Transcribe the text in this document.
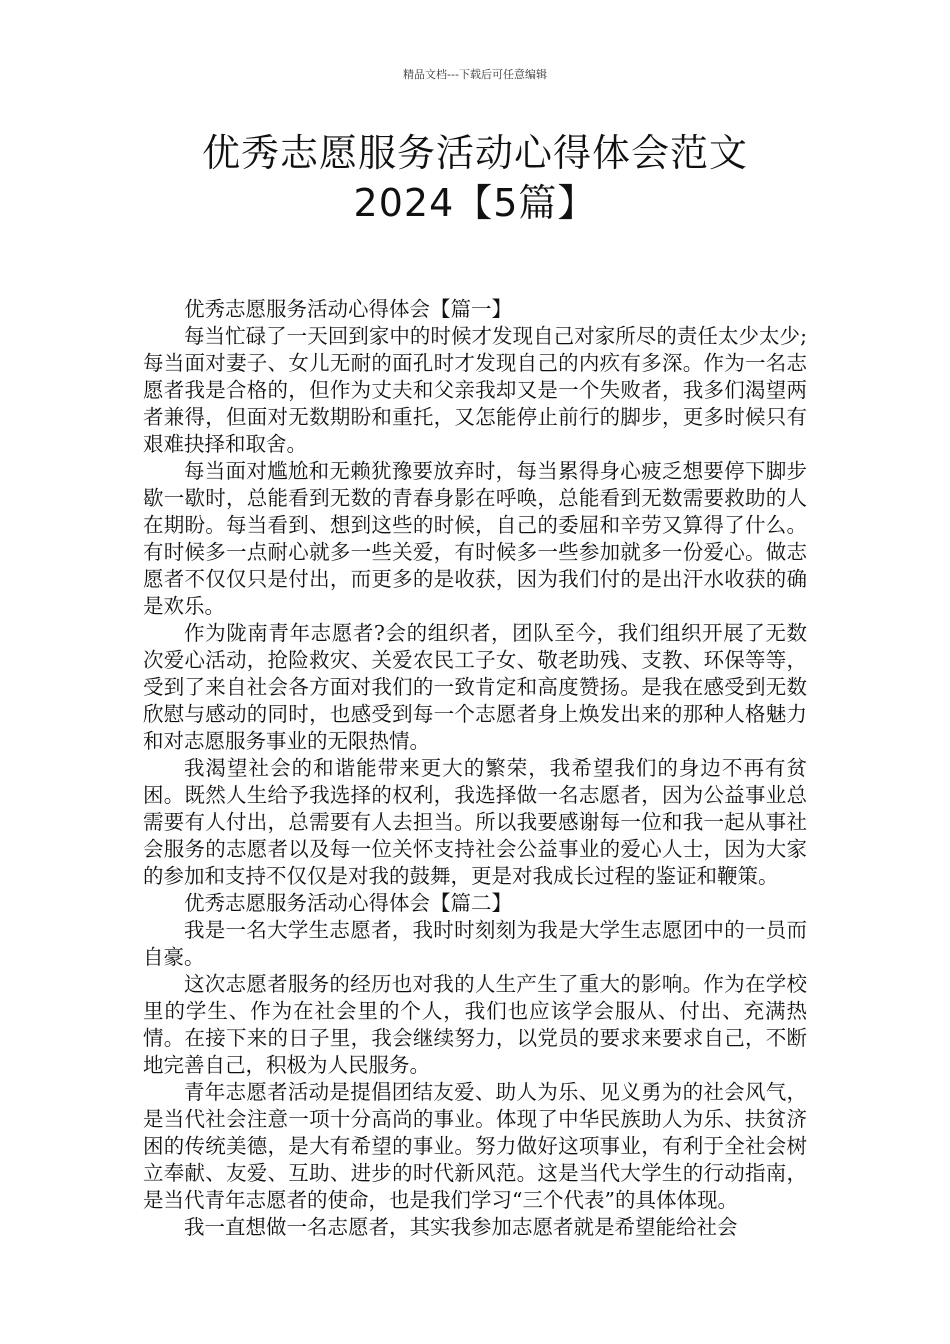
精品文档---下载后可任意编辑
优秀志愿服务活动心得体会范文
2024【5篇】

优秀志愿服务活动心得体会【篇一】

每当忙碌了一天回到家中的时候才发现自己对家所尽的责任太少太少;每当面对妻子、女儿无耐的面孔时才发现自己的内疚有多深。作为一名志愿者我是合格的，但作为丈夫和父亲我却又是一个失败者，我多们渴望两者兼得，但面对无数期盼和重托，又怎能停止前行的脚步，更多时候只有艰难抉择和取舍。

每当面对尴尬和无赖犹豫要放弃时，每当累得身心疲乏想要停下脚步歇一歇时，总能看到无数的青春身影在呼唤，总能看到无数需要救助的人在期盼。每当看到、想到这些的时候，自己的委屈和辛劳又算得了什么。有时候多一点耐心就多一些关爱，有时候多一些参加就多一份爱心。做志愿者不仅仅只是付出，而更多的是收获，因为我们付的是出汗水收获的确是欢乐。

作为陇南青年志愿者?会的组织者，团队至今，我们组织开展了无数次爱心活动，抢险救灾、关爱农民工子女、敬老助残、支教、环保等等，受到了来自社会各方面对我们的一致肯定和高度赞扬。是我在感受到无数欣慰与感动的同时，也感受到每一个志愿者身上焕发出来的那种人格魅力和对志愿服务事业的无限热情。

我渴望社会的和谐能带来更大的繁荣，我希望我们的身边不再有贫困。既然人生给予我选择的权利，我选择做一名志愿者，因为公益事业总需要有人付出，总需要有人去担当。所以我要感谢每一位和我一起从事社会服务的志愿者以及每一位关怀支持社会公益事业的爱心人士，因为大家的参加和支持不仅仅是对我的鼓舞，更是对我成长过程的鉴证和鞭策。

优秀志愿服务活动心得体会【篇二】

我是一名大学生志愿者，我时时刻刻为我是大学生志愿团中的一员而自豪。

这次志愿者服务的经历也对我的人生产生了重大的影响。作为在学校里的学生、作为在社会里的个人，我们也应该学会服从、付出、充满热情。在接下来的日子里，我会继续努力，以党员的要求来要求自己，不断地完善自己，积极为人民服务。

青年志愿者活动是提倡团结友爱、助人为乐、见义勇为的社会风气，是当代社会注意一项十分高尚的事业。体现了中华民族助人为乐、扶贫济困的传统美德，是大有希望的事业。努力做好这项事业，有利于全社会树立奉献、友爱、互助、进步的时代新风范。这是当代大学生的行动指南，是当代青年志愿者的使命，也是我们学习“三个代表”的具体体现。

我一直想做一名志愿者，其实我参加志愿者就是希望能给社会
